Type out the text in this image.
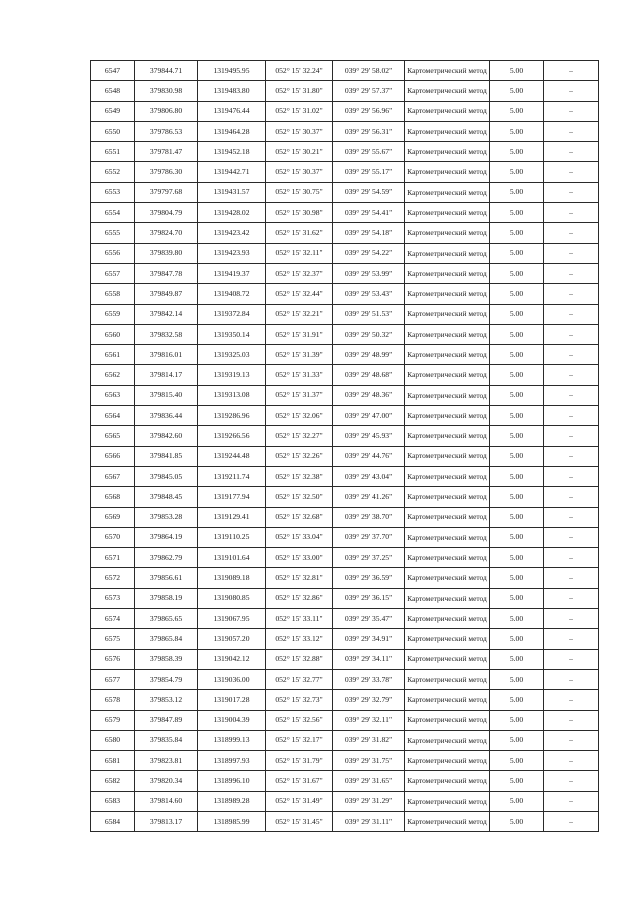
6547	379844.71	1319495.95	052° 15' 32.24"	039° 29' 58.02"	Картометрический метод	5.00	–
6548	379830.98	1319483.80	052° 15' 31.80"	039° 29' 57.37"	Картометрический метод	5.00	–
6549	379806.80	1319476.44	052° 15' 31.02"	039° 29' 56.96"	Картометрический метод	5.00	–
6550	379786.53	1319464.28	052° 15' 30.37"	039° 29' 56.31"	Картометрический метод	5.00	–
6551	379781.47	1319452.18	052° 15' 30.21"	039° 29' 55.67"	Картометрический метод	5.00	–
6552	379786.30	1319442.71	052° 15' 30.37"	039° 29' 55.17"	Картометрический метод	5.00	–
6553	379797.68	1319431.57	052° 15' 30.75"	039° 29' 54.59"	Картометрический метод	5.00	–
6554	379804.79	1319428.02	052° 15' 30.98"	039° 29' 54.41"	Картометрический метод	5.00	–
6555	379824.70	1319423.42	052° 15' 31.62"	039° 29' 54.18"	Картометрический метод	5.00	–
6556	379839.80	1319423.93	052° 15' 32.11"	039° 29' 54.22"	Картометрический метод	5.00	–
6557	379847.78	1319419.37	052° 15' 32.37"	039° 29' 53.99"	Картометрический метод	5.00	–
6558	379849.87	1319408.72	052° 15' 32.44"	039° 29' 53.43"	Картометрический метод	5.00	–
6559	379842.14	1319372.84	052° 15' 32.21"	039° 29' 51.53"	Картометрический метод	5.00	–
6560	379832.58	1319350.14	052° 15' 31.91"	039° 29' 50.32"	Картометрический метод	5.00	–
6561	379816.01	1319325.03	052° 15' 31.39"	039° 29' 48.99"	Картометрический метод	5.00	–
6562	379814.17	1319319.13	052° 15' 31.33"	039° 29' 48.68"	Картометрический метод	5.00	–
6563	379815.40	1319313.08	052° 15' 31.37"	039° 29' 48.36"	Картометрический метод	5.00	–
6564	379836.44	1319286.96	052° 15' 32.06"	039° 29' 47.00"	Картометрический метод	5.00	–
6565	379842.60	1319266.56	052° 15' 32.27"	039° 29' 45.93"	Картометрический метод	5.00	–
6566	379841.85	1319244.48	052° 15' 32.26"	039° 29' 44.76"	Картометрический метод	5.00	–
6567	379845.05	1319211.74	052° 15' 32.38"	039° 29' 43.04"	Картометрический метод	5.00	–
6568	379848.45	1319177.94	052° 15' 32.50"	039° 29' 41.26"	Картометрический метод	5.00	–
6569	379853.28	1319129.41	052° 15' 32.68"	039° 29' 38.70"	Картометрический метод	5.00	–
6570	379864.19	1319110.25	052° 15' 33.04"	039° 29' 37.70"	Картометрический метод	5.00	–
6571	379862.79	1319101.64	052° 15' 33.00"	039° 29' 37.25"	Картометрический метод	5.00	–
6572	379856.61	1319089.18	052° 15' 32.81"	039° 29' 36.59"	Картометрический метод	5.00	–
6573	379858.19	1319080.85	052° 15' 32.86"	039° 29' 36.15"	Картометрический метод	5.00	–
6574	379865.65	1319067.95	052° 15' 33.11"	039° 29' 35.47"	Картометрический метод	5.00	–
6575	379865.84	1319057.20	052° 15' 33.12"	039° 29' 34.91"	Картометрический метод	5.00	–
6576	379858.39	1319042.12	052° 15' 32.88"	039° 29' 34.11"	Картометрический метод	5.00	–
6577	379854.79	1319036.00	052° 15' 32.77"	039° 29' 33.78"	Картометрический метод	5.00	–
6578	379853.12	1319017.28	052° 15' 32.73"	039° 29' 32.79"	Картометрический метод	5.00	–
6579	379847.89	1319004.39	052° 15' 32.56"	039° 29' 32.11"	Картометрический метод	5.00	–
6580	379835.84	1318999.13	052° 15' 32.17"	039° 29' 31.82"	Картометрический метод	5.00	–
6581	379823.81	1318997.93	052° 15' 31.79"	039° 29' 31.75"	Картометрический метод	5.00	–
6582	379820.34	1318996.10	052° 15' 31.67"	039° 29' 31.65"	Картометрический метод	5.00	–
6583	379814.60	1318989.28	052° 15' 31.49"	039° 29' 31.29"	Картометрический метод	5.00	–
6584	379813.17	1318985.99	052° 15' 31.45"	039° 29' 31.11"	Картометрический метод	5.00	–
